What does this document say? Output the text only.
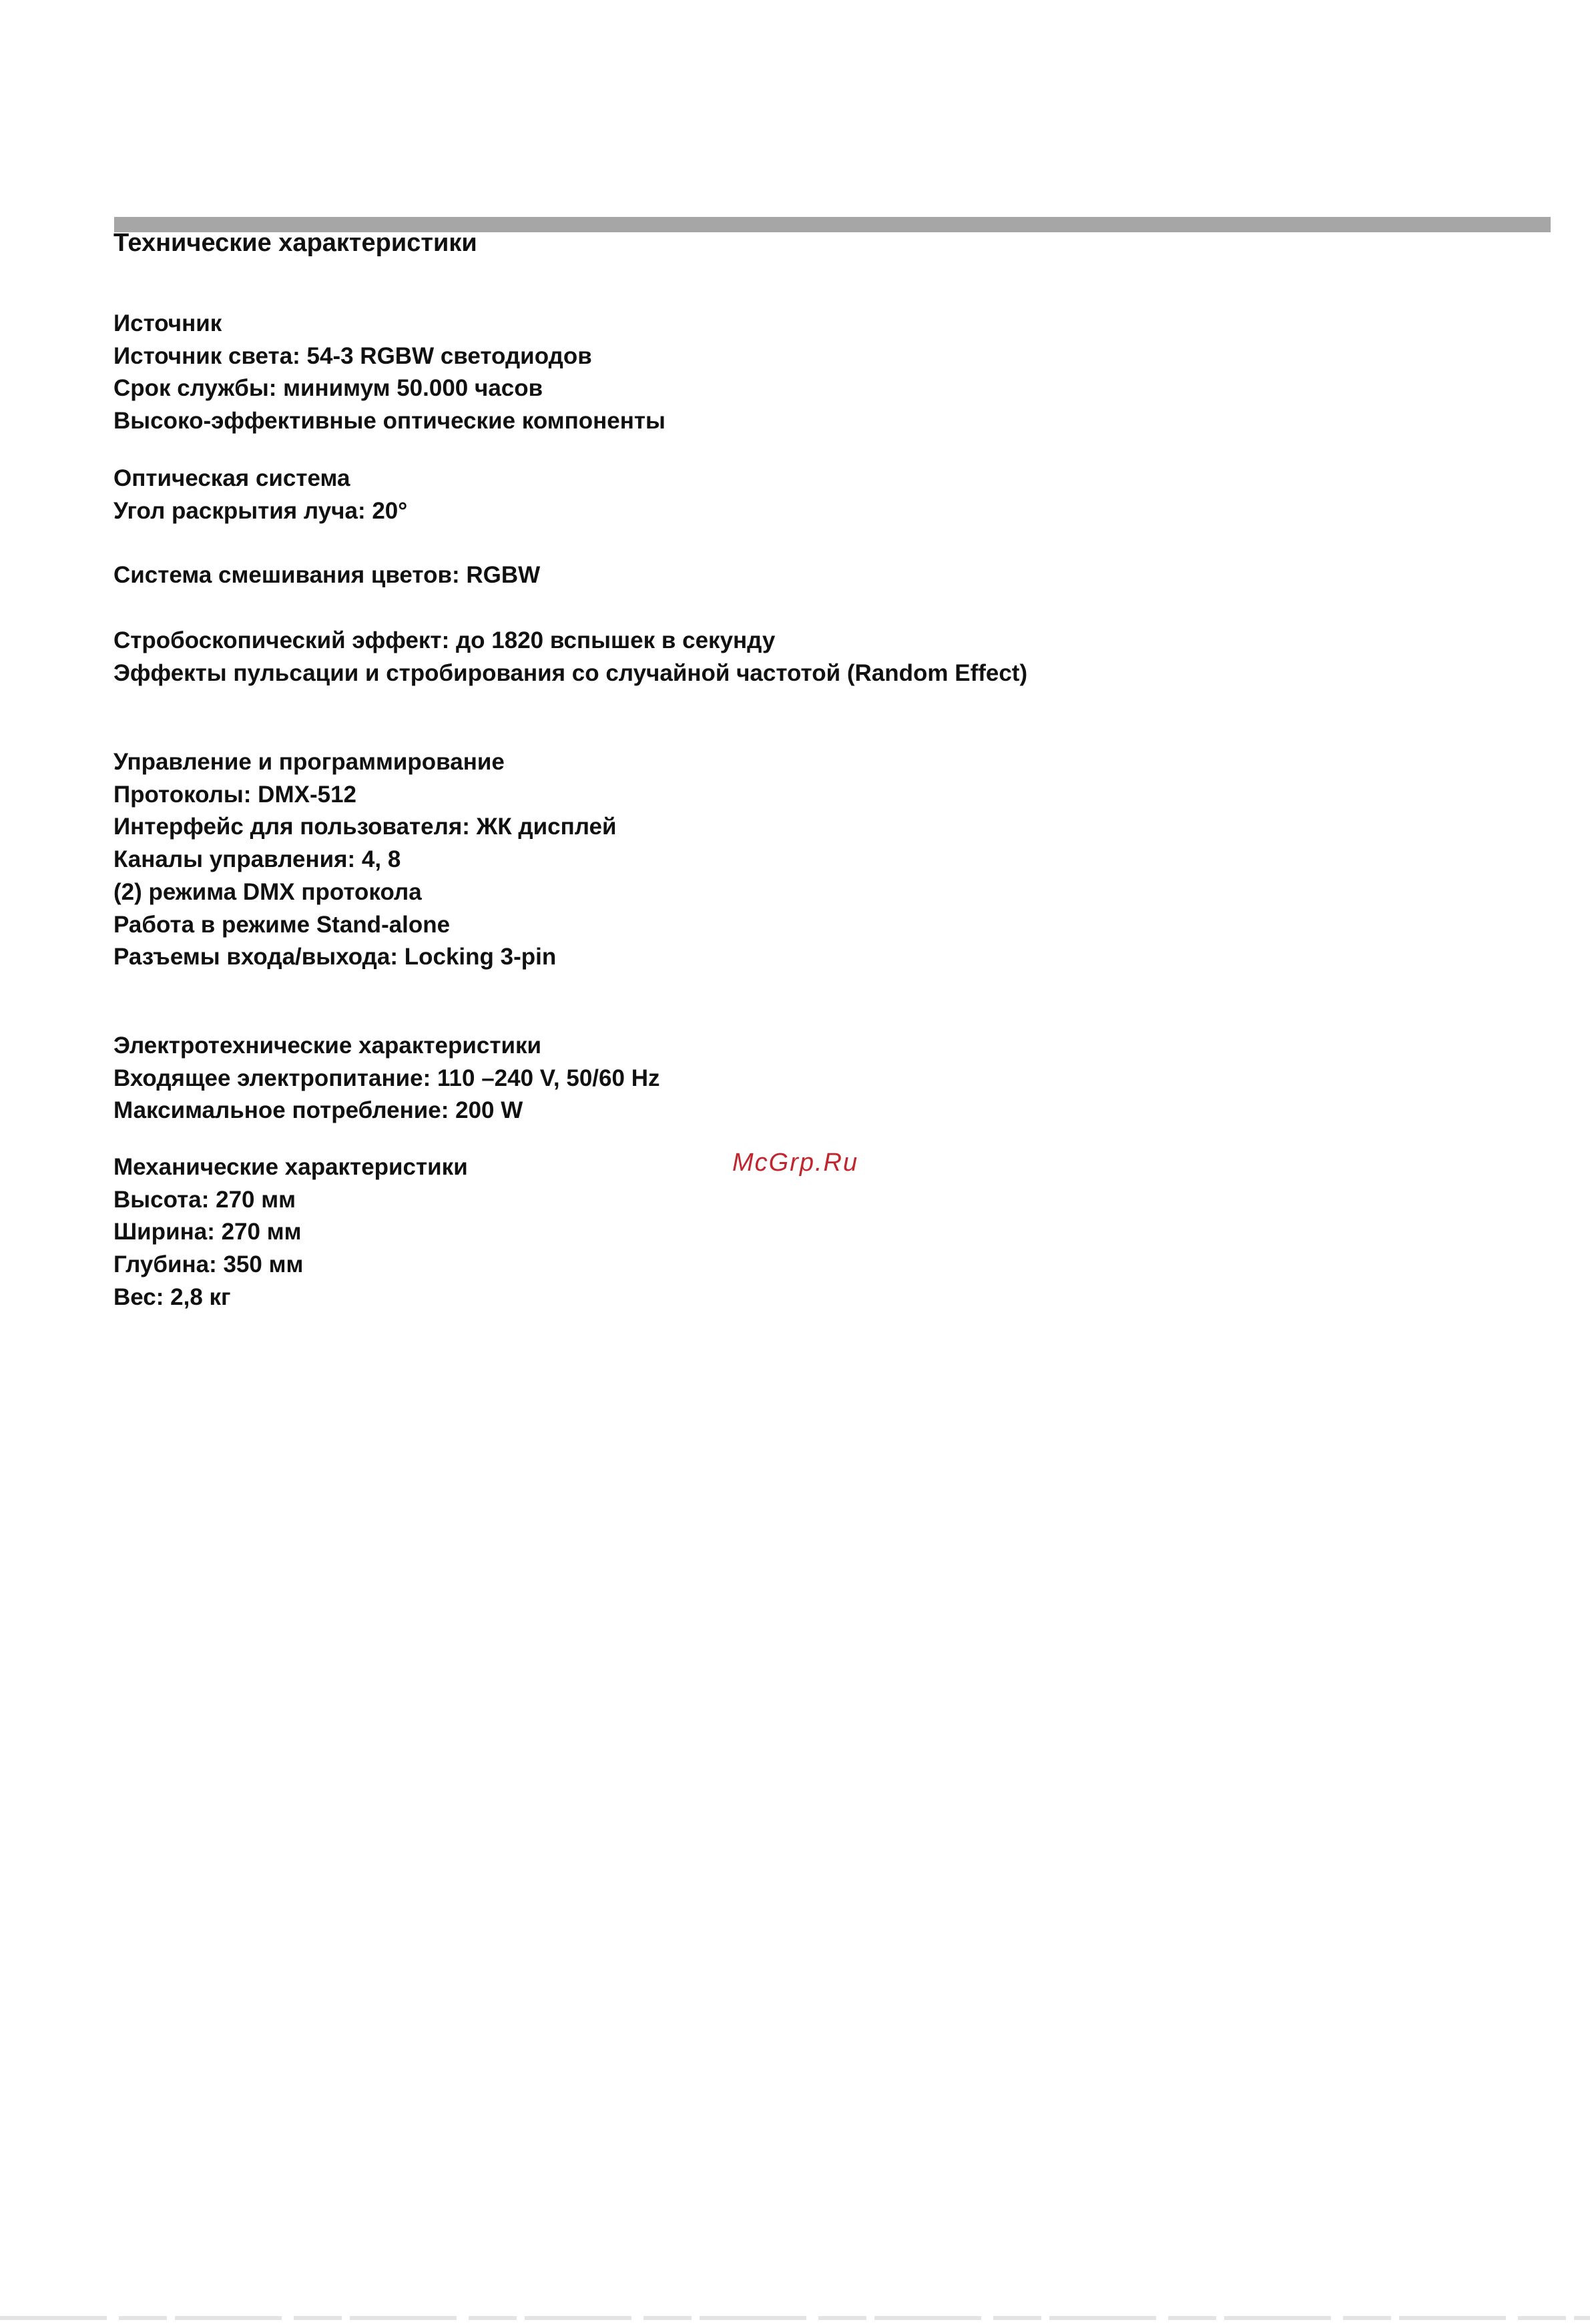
Технические характеристики
Источник
Источник света: 54-3 RGBW светодиодов
Срок службы: минимум 50.000 часов
Высоко-эффективные оптические компоненты
Оптическая система
Угол раскрытия луча: 20°
Система смешивания цветов: RGBW
Стробоскопический эффект: до 1820 вспышек в секунду
Эффекты пульсации и стробирования со случайной частотой (Random Effect)
Управление и программирование
Протоколы: DMX-512
Интерфейс для пользователя: ЖК дисплей
Каналы управления: 4, 8
(2) режима DMX протокола
Работа в режиме Stand-alone
Разъемы входа/выхода: Locking 3-pin
Электротехнические характеристики
Входящее электропитание: 110 –240 V, 50/60 Hz
Максимальное потребление: 200 W
Механические характеристики
Высота: 270 мм
Ширина: 270 мм
Глубина: 350 мм
Вес: 2,8 кг
McGrp.Ru
